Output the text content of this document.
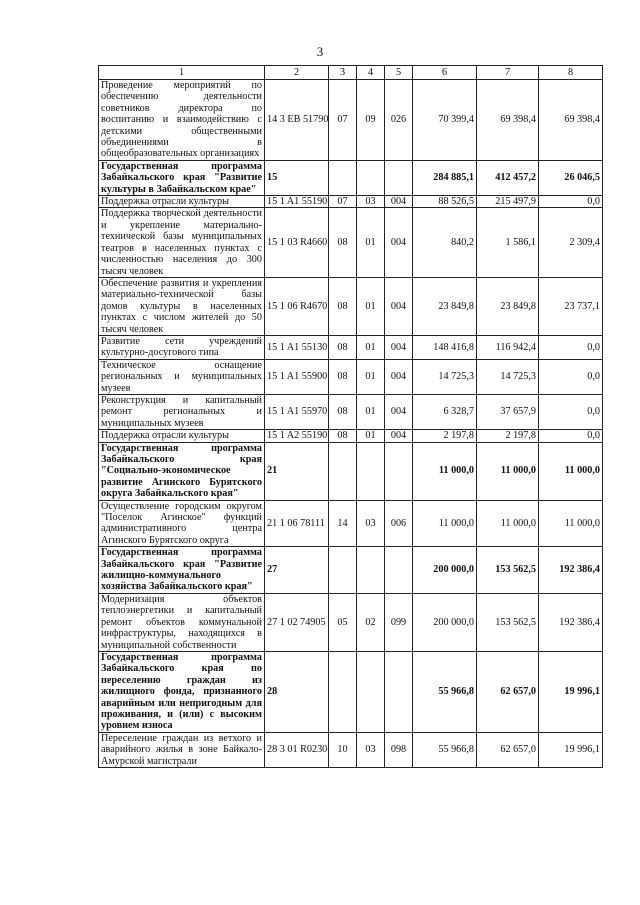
3
1	2	3	4	5	6	7	8
Проведение мероприятий по обеспечению деятельности советников директора по воспитанию и взаимодействию с детскими общественными объединениями в общеобразовательных организациях	14 3 EB 51790	07	09	026	70 399,4	69 398,4	69 398,4
Государственная программа Забайкальского края "Развитие культуры в Забайкальском крае"	15				284 885,1	412 457,2	26 046,5
Поддержка отрасли культуры	15 1 A1 55190	07	03	004	88 526,5	215 497,9	0,0
Поддержка творческой деятельности и укрепление материально-технической базы муниципальных театров в населенных пунктах с численностью населения до 300 тысяч человек	15 1 03 R4660	08	01	004	840,2	1 586,1	2 309,4
Обеспечение развития и укрепления материально-технической базы домов культуры в населенных пунктах с числом жителей до 50 тысяч человек	15 1 06 R4670	08	01	004	23 849,8	23 849,8	23 737,1
Развитие сети учреждений культурно-досугового типа	15 1 A1 55130	08	01	004	148 416,8	116 942,4	0,0
Техническое оснащение региональных и муниципальных музеев	15 1 A1 55900	08	01	004	14 725,3	14 725,3	0,0
Реконструкция и капитальный ремонт региональных и муниципальных музеев	15 1 A1 55970	08	01	004	6 328,7	37 657,9	0,0
Поддержка отрасли культуры	15 1 A2 55190	08	01	004	2 197,8	2 197,8	0,0
Государственная программа Забайкальского края "Социально-экономическое развитие Агинского Бурятского округа Забайкальского края"	21				11 000,0	11 000,0	11 000,0
Осуществление городским округом "Поселок Агинское" функций административного центра Агинского Бурятского округа	21 1 06 78111	14	03	006	11 000,0	11 000,0	11 000,0
Государственная программа Забайкальского края "Развитие жилищно-коммунального хозяйства Забайкальского края"	27				200 000,0	153 562,5	192 386,4
Модернизация объектов теплоэнергетики и капитальный ремонт объектов коммунальной инфраструктуры, находящихся в муниципальной собственности	27 1 02 74905	05	02	099	200 000,0	153 562,5	192 386,4
Государственная программа Забайкальского края по переселению граждан из жилищного фонда, признанного аварийным или непригодным для проживания, и (или) с высоким уровнем износа	28				55 966,8	62 657,0	19 996,1
Переселение граждан из ветхого и аварийного жилья в зоне Байкало-Амурской магистрали	28 3 01 R0230	10	03	098	55 966,8	62 657,0	19 996,1
